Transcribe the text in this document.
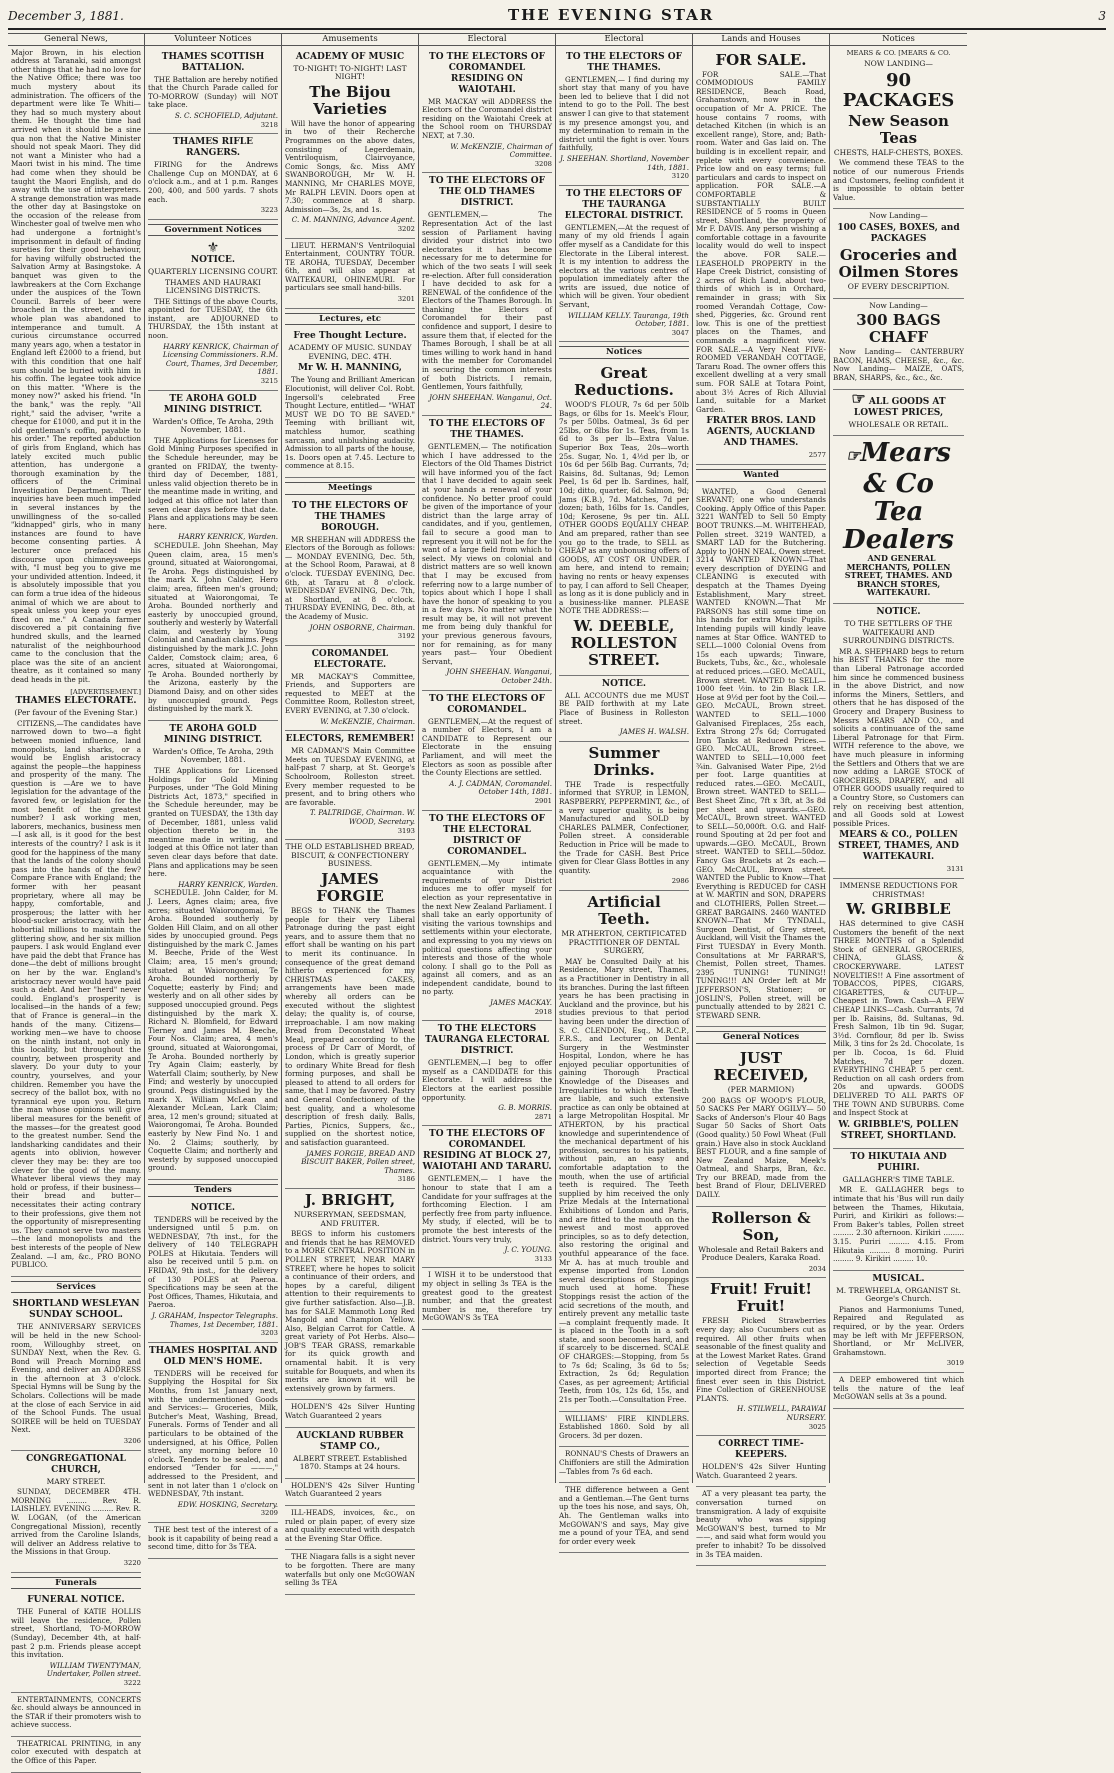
December 3, 1881.	THE EVENING STAR	3
General News,
Major Brown, in his election address at Taranaki, said amongst other things that he had no love for the Native Office; there was too much mystery about its administration. The officers of the department were like Te Whiti—they had so much mystery about them. He thought the time had arrived when it should be a sine qua non that the Native Minister should not speak Maori. They did not want a Minister who had a Maori twist in his mind. The time had come when they should be taught the Maori English, and do away with the use of interpreters. A strange demonstration was made the other day at Basingstoke on the occasion of the release from Winchester goal of twelve men who had undergone a fortnight's imprisonment in default of finding sureties for their good behaviour, for having wilfully obstructed the Salvation Army at Basingstoke. A banquet was given to the lawbreakers at the Corn Exchange under the auspices of the Town Council. Barrels of beer were broached in the street, and the whole plan was abandoned to intemperance and tumult. A curious circumstance occurred many years ago, when a testator in England left £2000 to a friend, but with this condition that one half sum should be buried with him in his coffin. The legatee took advice on this matter. "Where is the money now?" asked his friend. "In the bank," was the reply. "All right," said the adviser, "write a cheque for £1000, and put it in the old gentleman's coffin, payable to his order." The reported abduction of girls from England, which has lately excited much public attention, has undergone a thorough examination by the officers of the Criminal Investigation Department. Their inquiries have been much impeded in several instances by the unwillingness of the so-called "kidnapped" girls, who in many instances are found to have become consenting parties. A lecturer once prefaced his discourse upon chimneysweeps with, "I must beg you to give me your undivided attention. Indeed, it is absolutely impossible that you can form a true idea of the hideous animal of which we are about to speak unless you keep your eyes fixed on me." A Canada farmer discovered a pit containing five hundred skulls, and the learned naturalist of the neighbourhood came to the conclusion that the place was the site of an ancient theatre, as it contained so many dead heads in the pit.
[ADVERTISEMENT.]
THAMES ELECTORATE.
(Per favour of the Evening Star.)

CITIZENS,—The candidates have narrowed down to two—a fight between monied influence, land monopolists, land sharks, or a would be English aristocracy against the people—the happiness and prosperity of the many. The question is —Are we to have legislation for the advantage of the favored few, or legislation for the most benefit of the greatest number? I ask working men, laborers, mechanics, business men—I ask all, is it good for the best interests of the country? I ask is it good for the happiness of the many that the lands of the colony should pass into the hands of the few? Compare France with England; the former with her peasant proprietary, where all may be happy, comfortable, and prosperous; the latter with her blood-sucker aristocracy, with her hobortial millions to maintain the glittering show, and her six million paupers. I ask would England ever have paid the debt that France has done—the debt of millions brought on her by the war. England's aristocracy never would have paid such a debt. And her "herd" never could. England's prosperity is localised—in the hands of a few; that of France is general—in the hands of the many. Citizens—working men—we have to choose on the ninth instant, not only in this locality, but throughout the country, between prosperity and slavery. Do your duty to your country, yourselves, and your children. Remember you have the secrecy of the ballot box, with no tyrannical eye upon you. Return the man whose opinions will give liberal measures for the benefit of the masses—for the greatest good to the greatest number. Send the landsharking candidates and their agents into oblivion, however clever they may be: they are too clever for the good of the many. Whatever liberal views they may hold or profess, if their business—their bread and butter—necessitates their acting contrary to their professions, give them not the opportunity of misrepresenting us. They cannot serve two masters —the land monopolists and the best interests of the people of New Zealand. —I am, &c., PRO BONO PUBLICO.

Services
SHORTLAND WESLEYAN SUNDAY SCHOOL.

THE ANNIVERSARY SERVICES will be held in the new School-room, Willoughby street, on SUNDAY Next, when the Rev. G. Bond will Preach Morning and Evening, and deliver an ADDRESS in the afternoon at 3 o'clock. Special Hymns will be Sung by the Scholars. Collections will be made at the close of each Service in aid of the School Funds. The usual SOIREE will be held on TUESDAY Next.

3206
CONGREGATIONAL CHURCH,
MARY STREET.

SUNDAY, DECEMBER 4TH. MORNING ......... Rev. R. LAISHLEY. EVENING ......... Rev. R. W. LOGAN, (of the American Congregational Mission), recently arrived from the Caroline Islands, will deliver an Address relative to the Missions in that Group.

3220
Funerals
FUNERAL NOTICE.

THE Funeral of KATIE HOLLIS will leave the residence, Pollen street, Shortland, TO-MORROW (Sunday), December 4th, at half-past 2 p.m. Friends please accept this invitation.

WILLIAM TWENTYMAN, Undertaker, Pollen street.
3222

ENTERTAINMENTS, CONCERTS &c. should always be announced in the STAR if their promoters wish to achieve success.

THEATRICAL PRINTING, in any color executed with despatch at the Office of this Paper.

Volunteer Notices
THAMES SCOTTISH BATTALION.

THE Battalion are hereby notified that the Church Parade called for TO-MORROW (Sunday) will NOT take place.

S. C. SCHOFIELD, Adjutant.
3218
THAMES RIFLE RANGERS.

FIRING for the Andrews Challenge Cup on MONDAY, at 6 o'clock a.m., and at 1 p.m. Ranges 200, 400, and 500 yards. 7 shots each.

3223
Government Notices
⚜
NOTICE.
QUARTERLY LICENSING COURT.
THAMES AND HAURAKI LICENSING DISTRICTS.

THE Sittings of the above Courts, appointed for TUESDAY, the 6th instant, are ADJOURNED to THURSDAY, the 15th instant at noon.

HARRY KENRICK, Chairman of Licensing Commissioners. R.M. Court, Thames, 3rd December, 1881.
3215
TE AROHA GOLD MINING DISTRICT.
Warden's Office, Te Aroha, 29th November, 1881.

THE Applications for Licenses for Gold Mining Purposes specified in the Schedule hereunder, may be granted on FRIDAY, the twenty-third day of December, 1881, unless valid objection thereto be in the meantime made in writing, and lodged at this office not later than seven clear days before that date. Plans and applications may be seen here.

HARRY KENRICK, Warden.

SCHEDULE. John Sheehan, May Queen claim, area, 15 men's ground, situated at Waiorongomai, Te Aroha. Pegs distinguished by the mark X. John Calder, Hero claim; area, fifteen men's ground; situated at Waiorongomai, Te Aroha. Bounded northerly and easterly by unoccupied ground, southerly and westerly by Waterfall claim, and westerly by Young Colonial and Canadian claims. Pegs distinguished by the mark J.C. John Calder, Comstock claim; area, 6 acres, situated at Waiorongomai, Te Aroha. Bounded northerly by the Arizona, easterly by the Diamond Daisy, and on other sides by unoccupied ground. Pegs distinguished by the mark X.

TE AROHA GOLD MINING DISTRICT.
Warden's Office, Te Aroha, 29th November, 1881.

THE Applications for Licensed Holdings for Gold Mining Purposes, under "The Gold Mining Districts Act, 1873," specified in the Schedule hereunder, may be granted on TUESDAY, the 13th day of December, 1881, unless valid objection thereto be in the meantime made in writing, and lodged at this Office not later than seven clear days before that date. Plans and applications may be seen here.

HARRY KENRICK, Warden.

SCHEDULE. John Calder, for M. J. Leers, Agnes claim; area, five acres; situated Waiorongomai, Te Aroha. Bounded southerly by Golden Hill Claim, and on all other sides by unoccupied ground. Pegs distinguished by the mark C. James M. Beeche, Pride of the West Claim; area, 15 men's ground; situated at Waiorongomai, Te Aroha. Bounded northerly by Coquette; easterly by Find; and westerly and on all other sides by supposed unoccupied ground. Pegs distinguished by the mark X. Richard N. Blomfield, for Edward Tierney and James M. Beeche, Four Nos. Claim; area, 4 men's ground, situated at Waiorongomai, Te Aroha. Bounded northerly by Try Again Claim; easterly, by Waterfall Claim; southerly, by New Find; and westerly by unoccupied ground. Pegs distinguished by the mark X. William McLean and Alexander McLean, Lark Claim; area, 12 men's ground; situated at Waiorongomai, Te Aroha. Bounded easterly by New Find No. 1 and No. 2 Claims; southerly, by Coquette Claim; and northerly and westerly by supposed unoccupied ground.

Tenders
NOTICE.

TENDERS will be received by the undersigned until 5 p.m. on WEDNESDAY, 7th inst., for the delivery of 140 TELEGRAPH POLES at Hikutaia. Tenders will also be received until 5 p.m. on FRIDAY, 9th inst., for the delivery of 130 POLES at Paeroa. Specifications may be seen at the Post Offices, Thames, Hikutaia, and Paeroa.

J. GRAHAM, Inspector Telegraphs. Thames, 1st December, 1881.
3203
THAMES HOSPITAL AND OLD MEN'S HOME.

TENDERS will be received for Supplying the Hospital for Six Months, from 1st January next, with the undermentioned Goods and Services:— Groceries, Milk, Butcher's Meat, Washing, Bread, Funerals. Forms of Tender and all particulars to be obtained of the undersigned, at his Office, Pollen street, any morning before 10 o'clock. Tenders to be sealed, and endorsed "Tender for ———," addressed to the President, and sent in not later than 1 o'clock on WEDNESDAY, 7th instant.

EDW. HOSKING, Secretary.
3209

THE best test of the interest of a book is it capability of being read a second time, ditto for 3s TEA.

Amusements
ACADEMY OF MUSIC
TO-NIGHT! TO-NIGHT! LAST NIGHT!
The Bijou Varieties

Will have the honor of appearing in two of their Recherche Programmes on the above dates, consisting of Legerdemain, Ventriloquism, Clairvoyance, Comic Songs, &c. Miss AMY SWANBOROUGH, Mr W. H. MANNING, Mr CHARLES MOYE, Mr RALPH LEVIN. Doors open at 7.30; commence at 8 sharp. Admission—3s, 2s, and 1s.

C. M. MANNING, Advance Agent.
3202

LIEUT. HERMAN'S Ventriloquial Entertainment, COUNTRY TOUR. TE AROHA, TUESDAY, December 6th, and will also appear at WAITEKAURI, OHINEMURI. For particulars see small hand-bills.

3201
Lectures, etc
Free Thought Lecture.
ACADEMY OF MUSIC. SUNDAY EVENING, DEC. 4TH.
Mr W. H. MANNING,

The Young and Brilliant American Elocutionist, will deliver Col. Robt. Ingersoll's celebrated Free Thought Lecture, entitled— "WHAT MUST WE DO TO BE SAVED." Teeming with brilliant wit, matchless humor, scathing sarcasm, and unblushing audacity. Admission to all parts of the house, 1s. Doors open at 7.45. Lecture to commence at 8.15.

Meetings
TO THE ELECTORS OF THE THAMES BOROUGH.

MR SHEEHAN will ADDRESS the Electors of the Borough as follows:— MONDAY EVENING, Dec. 5th, at the School Room, Parawai, at 8 o'clock. TUESDAY EVENING, Dec. 6th, at Tararu at 8 o'clock. WEDNESDAY EVENING, Dec. 7th, at Shortland, at 8 o'clock. THURSDAY EVENING, Dec. 8th, at the Academy of Music.

JOHN OSBORNE, Chairman.
3192
COROMANDEL ELECTORATE.

MR MACKAY'S Committee, Friends, and Supporters are requested to MEET at the Committee Room, Rolleston street, EVERY EVENING, at 7.30 o'clock.

W. McKENZIE, Chairman.
ELECTORS, REMEMBER!

MR CADMAN'S Main Committee Meets on TUESDAY EVENING, at half-past 7 sharp, at St. George's Schoolroom, Rolleston street. Every member requested to be present, and to bring others who are favorable.

T. PALTRIDGE, Chairman. W. WOOD, Secretary.
3193
THE OLD ESTABLISHED BREAD, BISCUIT, & CONFECTIONERY BUSINESS.
JAMES FORGIE

BEGS to THANK the Thames people for their very Liberal Patronage during the past eight years, and to assure them that no effort shall be wanting on his part to merit its continuance. In consequence of the great demand hitherto experienced for my CHRISTMAS CAKES, arrangements have been made whereby all orders can be executed without the slightest delay; the quality is, of course, irreproachable. I am now making Bread from Deconstated Wheat Meal, prepared according to the process of Dr Carr of Mordt, of London, which is greatly superior to ordinary White Bread for flesh forming purposes, and shall be pleased to attend to all orders for same, that I may be favored. Pastry and General Confectionery of the best quality, and a wholesome description of fresh daily. Balls, Parties, Picnics, Suppers, &c., supplied on the shortest notice, and satisfaction guaranteed.

JAMES FORGIE, BREAD AND BISCUIT BAKER, Pollen street, Thames.
3186
J. BRIGHT,
NURSERYMAN, SEEDSMAN, AND FRUITER.

BEGS to inform his customers and friends that he has REMOVED to a MORE CENTRAL POSITION in POLLEN STREET, NEAR MARY STREET, where he hopes to solicit a continuance of their orders, and hopes by a careful, diligent attention to their requirements to give further satisfaction. Also—J.B. has for SALE Mammoth Long Red Mangold and Champion Yellow. Also, Belgian Carrot for Cattle. A great variety of Pot Herbs. Also—JOB'S TEAR GRASS, remarkable for its quick growth and ornamental habit. It is very suitable for Bouquets, and when its merits are known it will be extensively grown by farmers.

HOLDEN'S 42s Silver Hunting Watch Guaranteed 2 years

AUCKLAND RUBBER STAMP CO.,
ALBERT STREET. Established 1870. Stamps at 24 hours.

HOLDEN'S 42s Silver Hunting Watch Guaranteed 2 years

ILL-HEADS, invoices, &c., on ruled or plain paper, of every size and quality executed with despatch at the Evening Star Office.

THE Niagara falls is a sight never to be forgotten. There are many waterfalls but only one McGOWAN selling 3s TEA

Electoral
TO THE ELECTORS OF COROMANDEL RESIDING ON WAIOTAHI.

MR MACKAY will ADDRESS the Electors of the Coromandel district residing on the Waiotahi Creek at the School room on THURSDAY NEXT, at 7.30.

W. McKENZIE, Chairman of Committee.
3208
TO THE ELECTORS OF THE OLD THAMES DISTRICT.

GENTLEMEN,— The Representation Act of the last session of Parliament having divided your district into two electorates it has become necessary for me to determine for which of the two seats I will seek re-election. After full consideration I have decided to ask for a RENEWAL of the confidence of the Electors of the Thames Borough. In thanking the Electors of Coromandel for their past confidence and support, I desire to assure them that, if elected for the Thames Borough, I shall be at all times willing to work hand in hand with the member for Coromandel in securing the common interests of both Districts. I remain, Gentlemen, Yours faithfully,

JOHN SHEEHAN. Wanganui, Oct. 24.
TO THE ELECTORS OF THE THAMES.

GENTLEMEN,— The notification which I have addressed to the Electors of the Old Thames District will have informed you of the fact that I have decided to again seek at your hands a renewal of your confidence. No better proof could be given of the importance of your district than the large array of candidates, and if you, gentlemen, fail to secure a good man to represent you it will not be for the want of a large field from which to select. My views on colonial and district matters are so well known that I may be excused from referring now to a large number of topics about which I hope I shall have the honor of speaking to you in a few days. No matter what the result may be, it will not prevent me from being duly thankful for your previous generous favours, nor for remaining, as for many years past— Your Obedient Servant,

JOHN SHEEHAN. Wanganui, October 24th.
TO THE ELECTORS OF COROMANDEL.

GENTLEMEN,—At the request of a number of Electors, I am a CANDIDATE to Represent our Electorate in the ensuing Parliament, and will meet the Electors as soon as possible after the County Elections are settled.

A. J. CADMAN, Coromandel. October 14th, 1881.
2901
TO THE ELECTORS OF THE ELECTORAL DISTRICT OF COROMANDEL.

GENTLEMEN,—My intimate acquaintance with the requirements of your District induces me to offer myself for election as your representative in the next New Zealand Parliament. I shall take an early opportunity of visiting the various townships and settlements within your electorate, and expressing to you my views on political questions affecting your interests and those of the whole colony. I shall go to the Poll as against all comers, and as an independent candidate, bound to no party.

JAMES MACKAY.
2918
TO THE ELECTORS TAURANGA ELECTORAL DISTRICT.

GENTLEMEN,—I beg to offer myself as a CANDIDATE for this Electorate. I will address the Electors at the earliest possible opportunity.

G. B. MORRIS.
2871
TO THE ELECTORS OF COROMANDEL RESIDING AT BLOCK 27, WAIOTAHI AND TARARU.

GENTLEMEN,— I have the honour to state that I am a Candidate for your suffrages at the forthcoming Election. I am perfectly free from party influence. My study, if elected, will be to promote the best interests of the district. Yours very truly,

J. C. YOUNG.
3133

I WISH it to be understood that my object in selling 3s TEA is the greatest good to the greatest number, and that the greatest number is me, therefore try McGOWAN'S 3s TEA

Electoral
TO THE ELECTORS OF THE THAMES.

GENTLEMEN,— I find during my short stay that many of you have been led to believe that I did not intend to go to the Poll. The best answer I can give to that statement is my presence amongst you, and my determination to remain in the district until the fight is over. Yours faithfully,

J. SHEEHAN. Shortland, November 14th, 1881.
3120
TO THE ELECTORS OF THE TAURANGA ELECTORAL DISTRICT.

GENTLEMEN,—At the request of many of my old friends I again offer myself as a Candidate for this Electorate in the Liberal interest. It is my intention to address the electors at the various centres of population immediately after the writs are issued, due notice of which will be given. Your obedient Servant,

WILLIAM KELLY. Tauranga, 19th October, 1881.
3047
Notices
Great Reductions.

WOOD'S FLOUR, 7s 6d per 50lb Bags, or 6lbs for 1s. Meek's Flour, 7s per 50lbs. Oatmeal, 3s 6d per 25lbs, or 6lbs for 1s. Teas, from 1s 6d to 3s per lb—Extra Value. Superior Box Teas, 20s—worth 25s. Sugar, No. 1, 4½d per lb, or 10s 6d per 56lb Bag. Currants, 7d; Raisins, 8d. Sultanas, 9d; Lemon Peel, 1s 6d per lb. Sardines, half, 10d; ditto, quarter, 6d. Salmon, 9d; Jams (K.B.), 7d. Matches, 7d per dozen; bath, 16lbs for 1s. Candles, 10d; Kerosene, 9s per tin. ALL OTHER GOODS EQUALLY CHEAP. And am prepared, rather than see you go to the trade, to SELL as CHEAP as any unbonusing offers of GOODS, AT COST OR UNDER. I am here, and intend to remain; having no rents or heavy expenses to pay, I can afford to Sell Cheaper, as long as it is done publicly and in a business-like manner. PLEASE NOTE THE ADDRESS:—

W. DEEBLE, ROLLESTON STREET.
NOTICE.

ALL ACCOUNTS due me MUST BE PAID forthwith at my Late Place of Business in Rolleston street.

JAMES H. WALSH.
Summer Drinks.

THE Trade is respectfully informed that SYRUP, in LEMON, RASPBERRY, PEPPERMINT, &c., of a very superior quality, is being Manufactured and SOLD by CHARLES PALMER, Confectioner, Pollen street. A considerable Reduction in Price will be made to the Trade for CASH. Best Price given for Clear Glass Bottles in any quantity.

2986
Artificial Teeth.
MR ATHERTON, CERTIFICATED PRACTITIONER OF DENTAL SURGERY,

MAY be Consulted Daily at his Residence, Mary street, Thames, as a Practitioner in Dentistry in all its branches. During the last fifteen years he has been practising in Auckland and the province, but his studies previous to that period having been under the direction of S. C. CLENDON, Esq., M.R.C.P., F.R.S., and Lecturer on Dental Surgery in the Westminster Hospital, London, where he has enjoyed peculiar opportunities of gaining Thorough Practical Knowledge of the Diseases and Irregularities to which the Teeth are liable, and such extensive practice as can only be obtained at a large Metropolitan Hospital. Mr ATHERTON, by his practical knowledge and superintendence of the mechanical department of his profession, secures to his patients, without pain, an easy and comfortable adaptation to the mouth, when the use of artificial teeth is required. The Teeth supplied by him received the only Prize Medals at the International Exhibitions of London and Paris, and are fitted to the mouth on the newest and most approved principles, so as to defy detection, also restoring the original and youthful appearance of the face. Mr A. has at much trouble and expense imported from London several descriptions of Stoppings much used at home. These Stoppings resist the action of the acid secretions of the mouth, and entirely prevent any metallic taste—a complaint frequently made. It is placed in the Tooth in a soft state, and soon becomes hard, and if scarcely to be discerned. SCALE OF CHARGES:—Stopping, from 5s to 7s 6d; Scaling, 3s 6d to 5s; Extraction, 2s 6d; Regulation Cases, as per agreement; Artificial Teeth, from 10s, 12s 6d, 15s, and 21s per Tooth.—Consultation Free.

WILLIAMS' FIRE KINDLERS. Established 1860. Sold by all Grocers. 3d per dozen.

RONNAU'S Chests of Drawers an Chiffoniers are still the Admiration—Tables from 7s 6d each.

THE difference between a Gent and a Gentleman.—The Gent turns up the toes his nose, and says, Oh, Ah. The Gentleman walks into McGOWAN'S and says, May give me a pound of your TEA, and send for order every week

Lands and Houses
FOR SALE.

FOR SALE.—That COMMODIOUS FAMILY RESIDENCE, Beach Road, Grahamstown, now in the occupation of Mr A. PRICE. The house contains 7 rooms, with detached Kitchen (in which is an excellent range), Store, and; Bath-room. Water and Gas laid on. The building is in excellent repair, and replete with every convenience. Price low and on easy terms; full particulars and cards to inspect on application. FOR SALE.—A COMFORTABLE & SUBSTANTIALLY BUILT RESIDENCE of 5 rooms in Queen street, Shortland, the property of Mr F. DAVIS. Any person wishing a comfortable cottage in a favourite locality would do well to inspect the above. FOR SALE.—LEASEHOLD PROPERTY in the Hape Creek District, consisting of 2 acres of Rich Land, about two-thirds of which is in Orchard, remainder in grass; with Six roomed Verandah Cottage, Cow-shed, Piggeries, &c. Ground rent low. This is one of the prettiest places on the Thames, and commands a magnificent view. FOR SALE.—A Very Neat FIVE-ROOMED VERANDAH COTTAGE, Tararu Road. The owner offers this excellent dwelling at a very small sum. FOR SALE at Totara Point, about 3½ Acres of Rich Alluvial Land, suitable for a Market Garden.

FRATER BROS. LAND AGENTS, AUCKLAND AND THAMES.
2577
Wanted

WANTED, a Good General SERVANT; one who understands Cooking. Apply Office of this Paper. 3221 WANTED to Sell 50 Empty BOOT TRUNKS.—M. WHITEHEAD, Pollen street. 3219 WANTED, a SMART LAD for the Butchering. Apply to JOHN NEAL, Owen street. 3214 WANTED KNOWN—That every description of DYEING and CLEANING is executed with despatch at the Thames Dyeing Establishment, Mary street. WANTED KNOWN.—That Mr PARSONS has still some time on his hands for extra Music Pupils. Intending pupils will kindly leave names at Star Office. WANTED to SELL—1000 Colonial Ovens from 15s each upwards; Tinware, Buckets, Tubs, &c., &c., wholesale at reduced prices.—GEO. McCAUL, Brown street. WANTED to SELL—1000 feet ½in. to 2in Black I.R. Hose at 9½d per foot by the Coil.—GEO. McCAUL, Brown street. WANTED to SELL—1000 Galvanised Fireplaces, 25s each, Extra Strong 27s 6d; Corrugated Iron Tanks at Reduced Prices.—GEO. McCAUL, Brown street. WANTED to SELL—10,000 feet ¾in. Galvanised Water Pipe, 2½d per foot. Large quantities at reduced rates.—GEO. McCAUL, Brown street. WANTED to SELL—Best Sheet Zinc, 7ft x 3ft, at 3s 8d per sheet and upwards.—GEO. McCAUL, Brown street. WANTED to SELL—50,000ft. O.G. and Half-round Spouting at 2d per foot and upwards.—GEO. McCAUL, Brown street. WANTED to SELL—50doz. Fancy Gas Brackets at 2s each.—GEO. McCAUL, Brown street. WANTED the Public to Know—That Everything is REDUCED for CASH at W. MARTIN and SON, DRAPERS and CLOTHIERS, Pollen Street.—GREAT BARGAINS. 2460 WANTED KNOWN—That Mr TYNDALL, Surgeon Dentist, of Grey street, Auckland, will Visit the Thames the First TUESDAY in Every Month. Consultations at Mr FARRAR'S, Chemist, Pollen street, Thames. 2395 TUNING! TUNING!! TUNING!!! AN Order left at Mr JEFFERSON'S, Stationer; or JOSLIN'S, Pollen street, will be punctually attended to by 2821 C. STEWARD SENR.

General Notices
JUST RECEIVED,
(PER MARMION)

200 BAGS OF WOOD'S FLOUR, 50 SACKS Per MARY OGILVY— 50 Sacks of Anderson's Flour 40 Bags Sugar 50 Sacks of Short Oats (Good quality.) 50 Fowl Wheat (Full grain.) Have also in stock Auckland BEST FLOUR, and a fine sample of New Zealand Maize, Meek's Oatmeal, and Sharps, Bran, &c. Try our BREAD, made from the best Brand of Flour, DELIVERED DAILY.

Rollerson & Son,
Wholesale and Retail Bakers and Produce Dealers, Karaka Road.
2034
Fruit! Fruit! Fruit!

FRESH Picked Strawberries every day; also Cucumbers cut as required. All other fruits when seasonable of the finest quality and at the Lowest Market Rates. Grand selection of Vegetable Seeds imported direct from France; the finest ever seen in this District. Fine Collection of GREENHOUSE PLANTS.

H. STILWELL, PARAWAI NURSERY.
3025
CORRECT TIME-KEEPERS.

HOLDEN'S 42s Silver Hunting Watch. Guaranteed 2 years.

AT a very pleasant tea party, the conversation turned on transmigration. A lady of exquisite beauty who was sipping McGOWAN'S best, turned to Mr ——, and said what form would you prefer to inhabit? To be dissolved in 3s TEA maiden.

Notices
MEARS & CO. [MEARS & CO.
NOW LANDING—
90 PACKAGES
New Season Teas
CHESTS, HALF-CHESTS, BOXES.

We commend these TEAS to the notice of our numerous Friends and Customers, feeling confident it is impossible to obtain better Value.

Now Landing—
100 CASES, BOXES, and PACKAGES
Groceries and Oilmen Stores
OF EVERY DESCRIPTION.
Now Landing—
300 BAGS CHAFF

Now Landing— CANTERBURY BACON, HAMS, CHEESE, &c., &c. Now Landing— MAIZE, OATS, BRAN, SHARPS, &c., &c., &c.

☞ ALL GOODS AT LOWEST PRICES,
WHOLESALE OR RETAIL.
☞Mears & Co
Tea Dealers

AND GENERAL MERCHANTS, POLLEN STREET, THAMES. AND BRANCH STORES, WAITEKAURI.

NOTICE.
TO THE SETTLERS OF THE WAITEKAURI AND SURROUNDING DISTRICTS.

MR A. SHEPHARD begs to return his BEST THANKS for the more than Liberal Patronage accorded him since he commenced business in the above District, and now informs the Miners, Settlers, and others that he has disposed of the Grocery and Drapery Business to Messrs MEARS AND CO., and solicits a continuance of the same Liberal Patronage for that Firm. WITH reference to the above, we have much pleasure in informing the Settlers and Others that we are now adding a LARGE STOCK of GROCERIES, DRAPERY, and all OTHER GOODS usually required to a Country Store, so Customers can rely on receiving best attention, and all Goods sold at Lowest possible Prices.

MEARS & CO., POLLEN STREET, THAMES, AND WAITEKAURI.
3131
IMMENSE REDUCTIONS FOR CHRISTMAS!
W. GRIBBLE

HAS determined to give CASH Customers the benefit of the next THREE MONTHS of a Splendid Stock of GENERAL GROCERIES, CHINA, GLASS, & CROCKERYWARE. LATEST NOVELTIES!! A Fine assortment of TOBACCOS, PIPES, CIGARS, CIGARETTES, & CUT-UP—Cheapest in Town. Cash—A FEW CHEAP LINKS—Cash. Currants, 7d per lb. Raisins, 8d. Sultanas, 9d. Fresh Salmon, 1lb tin 9d. Sugar, 3½d. Cornflour, 8d per lb. Swiss Milk, 3 tins for 2s 2d. Chocolate, 1s per lb. Cocoa, 1s 6d. Fluid Matches, 7d per dozen. EVERYTHING CHEAP. 5 per cent. Reduction on all cash orders from 20s and upwards. GOODS DELIVERED TO ALL PARTS OF THE TOWN AND SUBURBS. Come and Inspect Stock at

W. GRIBBLE'S, POLLEN STREET, SHORTLAND.
TO HIKUTAIA AND PUHIRI.
GALLAGHER'S TIME TABLE.

MR E. GALLAGHER begs to intimate that his 'Bus will run daily between the Thames, Hikutaia, Puriri, and Kirikiri as follows:— From Baker's tables, Pollen street ......... 2.30 afternoon. Kirikiri ......... 3.15. Puriri ......... 4.15. From Hikutaia ......... 8 morning. Puriri ......... 9. Kirikiri ......... 10.

MUSICAL.
M. TREWHEELA, ORGANIST St. George's Church.

Pianos and Harmoniums Tuned, Repaired and Regulated as required, or by the year. Orders may be left with Mr JEFFERSON, Shortland, or Mr McLIVER, Grahamstown.

3019

A DEEP embowered tint which tells the nature of the leaf McGOWAN sells at 3s a pound.
